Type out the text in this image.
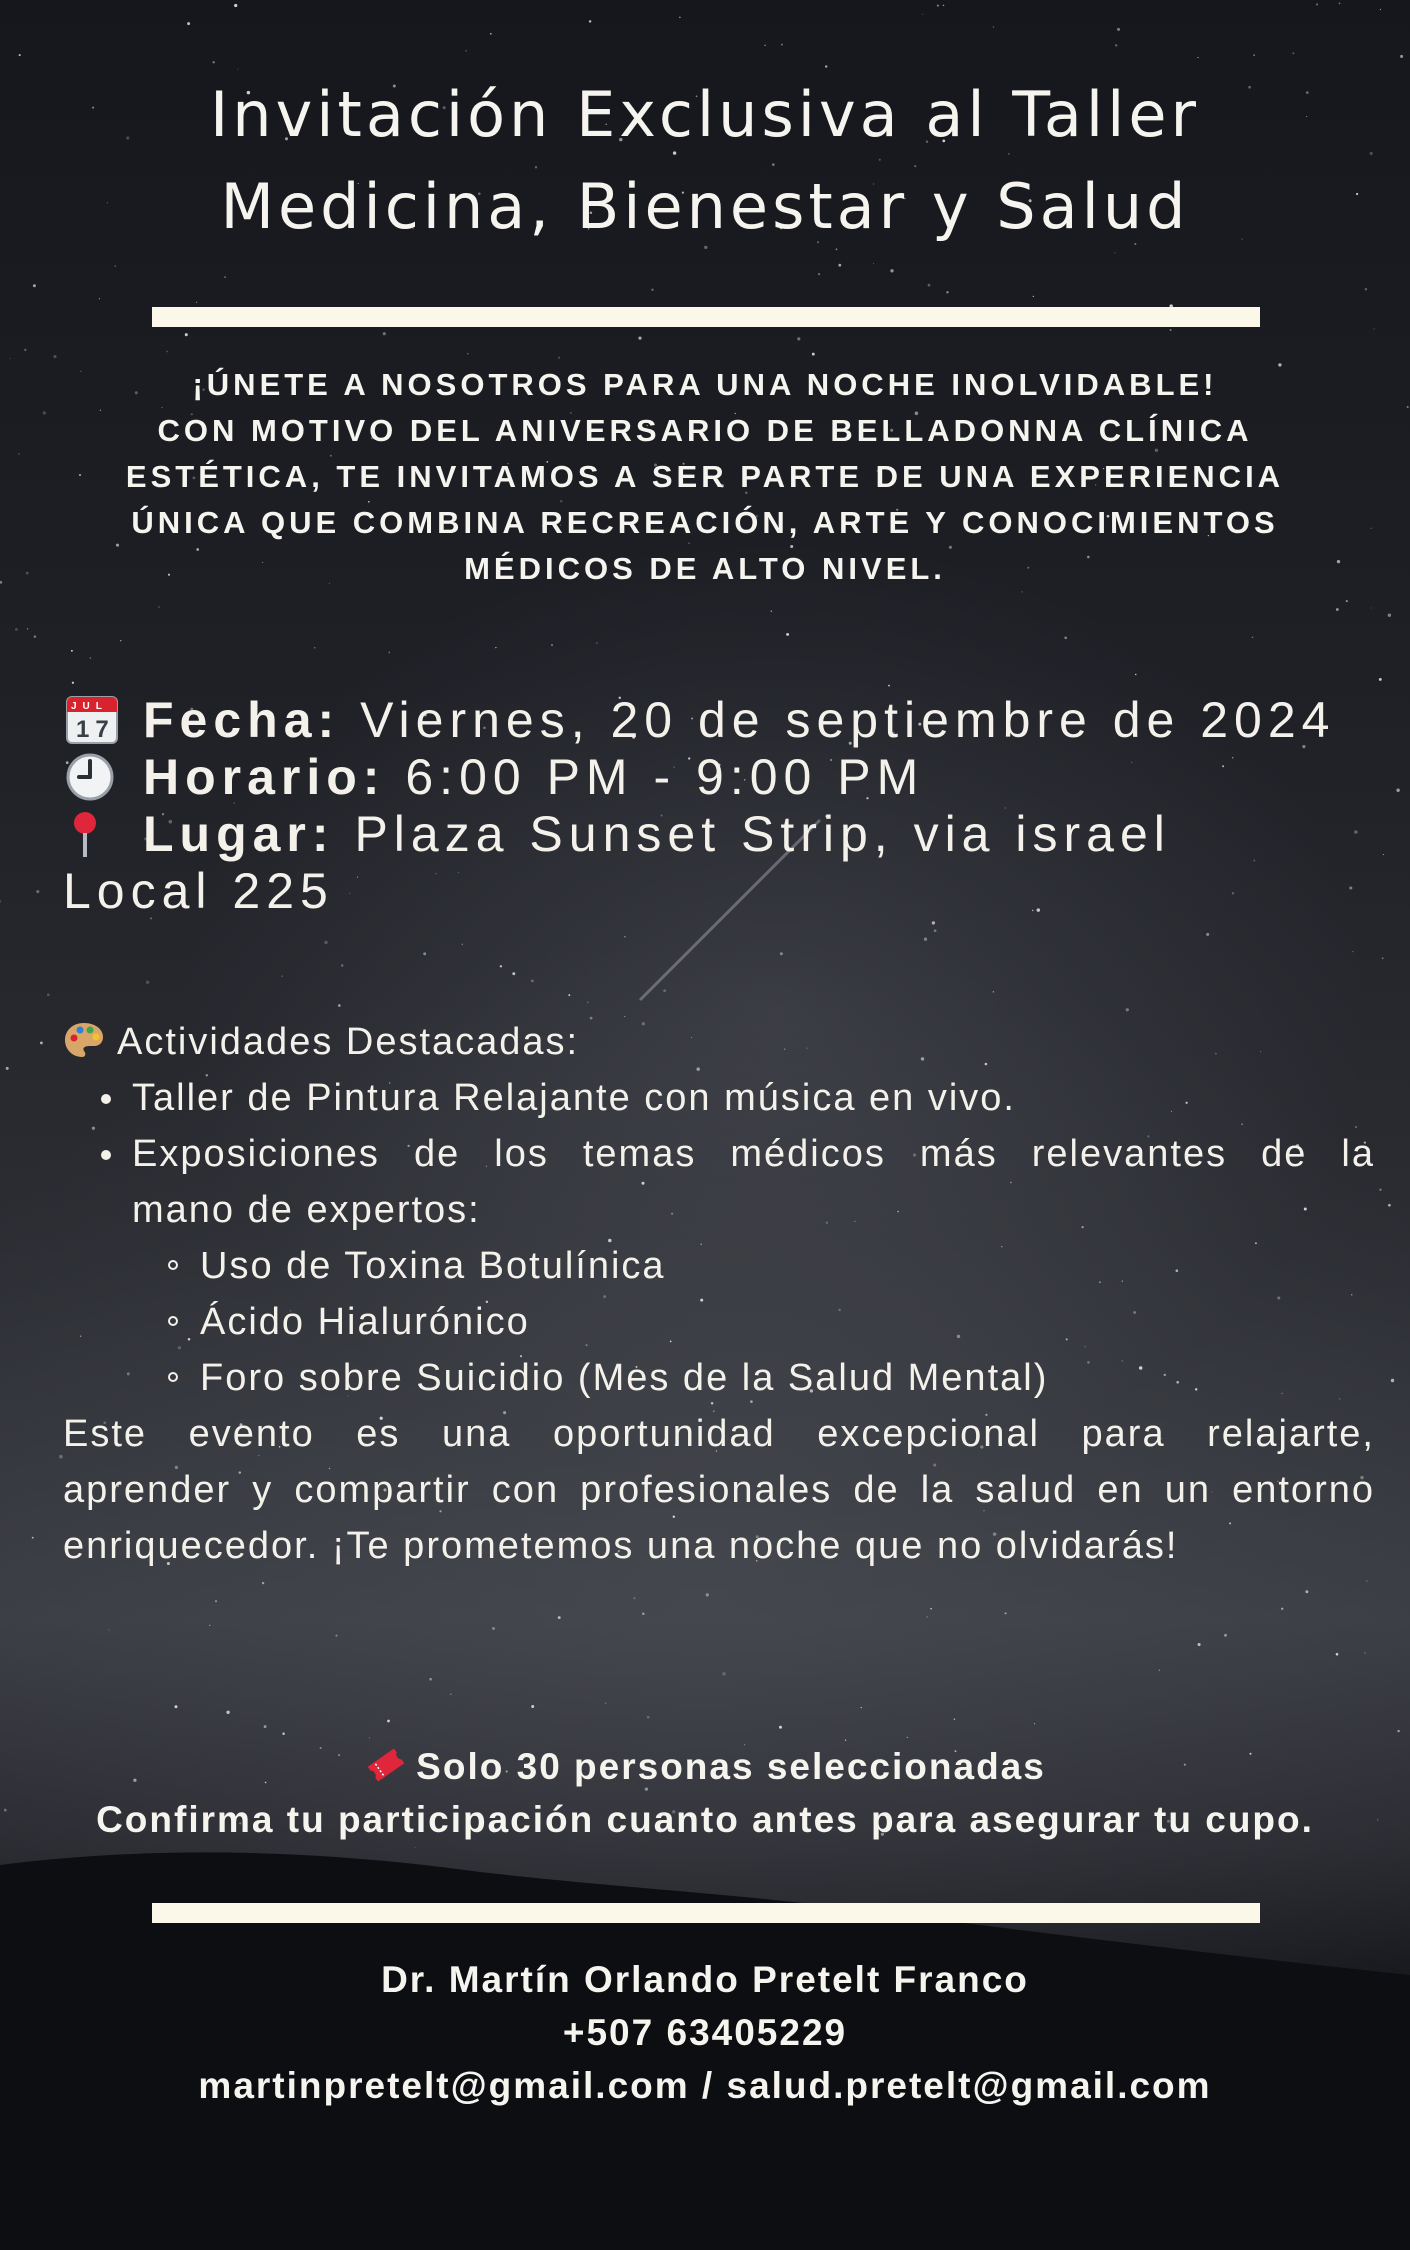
Invitación Exclusiva al Taller
Medicina, Bienestar y Salud
¡ÚNETE A NOSOTROS PARA UNA NOCHE INOLVIDABLE!
CON MOTIVO DEL ANIVERSARIO DE BELLADONNA CLÍNICA
ESTÉTICA, TE INVITAMOS A SER PARTE DE UNA EXPERIENCIA
ÚNICA QUE COMBINA RECREACIÓN, ARTE Y CONOCIMIENTOS
MÉDICOS DE ALTO NIVEL.
JUL
17 Fecha: Viernes, 20 de septiembre de 2024
Horario: 6:00 PM - 9:00 PM
Lugar: Plaza Sunset Strip, via israel
Local 225
Actividades Destacadas:
Taller de Pintura Relajante con música en vivo.
Exposiciones de los temas médicos más relevantes de la
mano de expertos:
Uso de Toxina Botulínica
Ácido Hialurónico
Foro sobre Suicidio (Mes de la Salud Mental)
Este evento es una oportunidad excepcional para relajarte,
aprender y compartir con profesionales de la salud en un entorno
enriquecedor. ¡Te prometemos una noche que no olvidarás!
Solo 30 personas seleccionadas
Confirma tu participación cuanto antes para asegurar tu cupo.
Dr. Martín Orlando Pretelt Franco
+507 63405229
martinpretelt@gmail.com / salud.pretelt@gmail.com
